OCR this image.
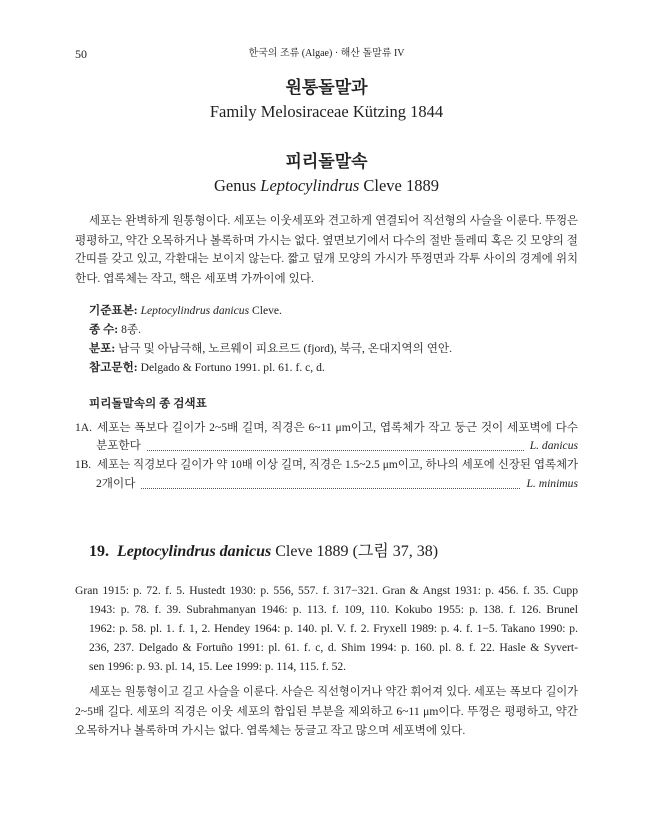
50	한국의 조류 (Algae) · 해산 돌말류 IV
원통돌말과
Family Melosiraceae Kützing 1844
피리돌말속
Genus Leptocylindrus Cleve 1889
세포는 완벽하게 원통형이다. 세포는 이웃세포와 견고하게 연결되어 직선형의 사슬을 이룬다. 뚜껑은
평평하고, 약간 오목하거나 볼록하며 가시는 없다. 옆면보기에서 다수의 절반 둘레띠 혹은 깃 모양의 절
간띠를 갖고 있고, 각환대는 보이지 않는다. 짧고 덮개 모양의 가시가 뚜껑면과 각투 사이의 경계에 위치
한다. 엽록체는 작고, 핵은 세포벽 가까이에 있다.
기준표본: Leptocylindrus danicus Cleve.
종 수: 8종.
분포: 남극 및 아남극해, 노르웨이 피요르드 (fjord), 북극, 온대지역의 연안.
참고문헌: Delgado & Fortuno 1991. pl. 61. f. c, d.
피리돌말속의 종 검색표
1A. 세포는 폭보다 길이가 2~5배 길며, 직경은 6~11 μm이고, 엽록체가 작고 둥근 것이 세포벽에 다수
분포한다	L. danicus
1B. 세포는 직경보다 길이가 약 10배 이상 길며, 직경은 1.5~2.5 μm이고, 하나의 세포에 신장된 엽록체가
2개이다	L. minimus
19. Leptocylindrus danicus Cleve 1889 (그림 37, 38)
Gran 1915: p. 72. f. 5. Hustedt 1930: p. 556, 557. f. 317−321. Gran & Angst 1931: p. 456. f. 35. Cupp
1943: p. 78. f. 39. Subrahmanyan 1946: p. 113. f. 109, 110. Kokubo 1955: p. 138. f. 126. Brunel
1962: p. 58. pl. 1. f. 1, 2. Hendey 1964: p. 140. pl. V. f. 2. Fryxell 1989: p. 4. f. 1−5. Takano 1990: p.
236, 237. Delgado & Fortuño 1991: pl. 61. f. c, d. Shim 1994: p. 160. pl. 8. f. 22. Hasle & Syvert-
sen 1996: p. 93. pl. 14, 15. Lee 1999: p. 114, 115. f. 52.
세포는 원통형이고 길고 사슬을 이룬다. 사슬은 직선형이거나 약간 휘어져 있다. 세포는 폭보다 길이가
2~5배 길다. 세포의 직경은 이웃 세포의 함입된 부분을 제외하고 6~11 μm이다. 뚜껑은 평평하고, 약간
오목하거나 볼록하며 가시는 없다. 엽록체는 둥글고 작고 많으며 세포벽에 있다.
